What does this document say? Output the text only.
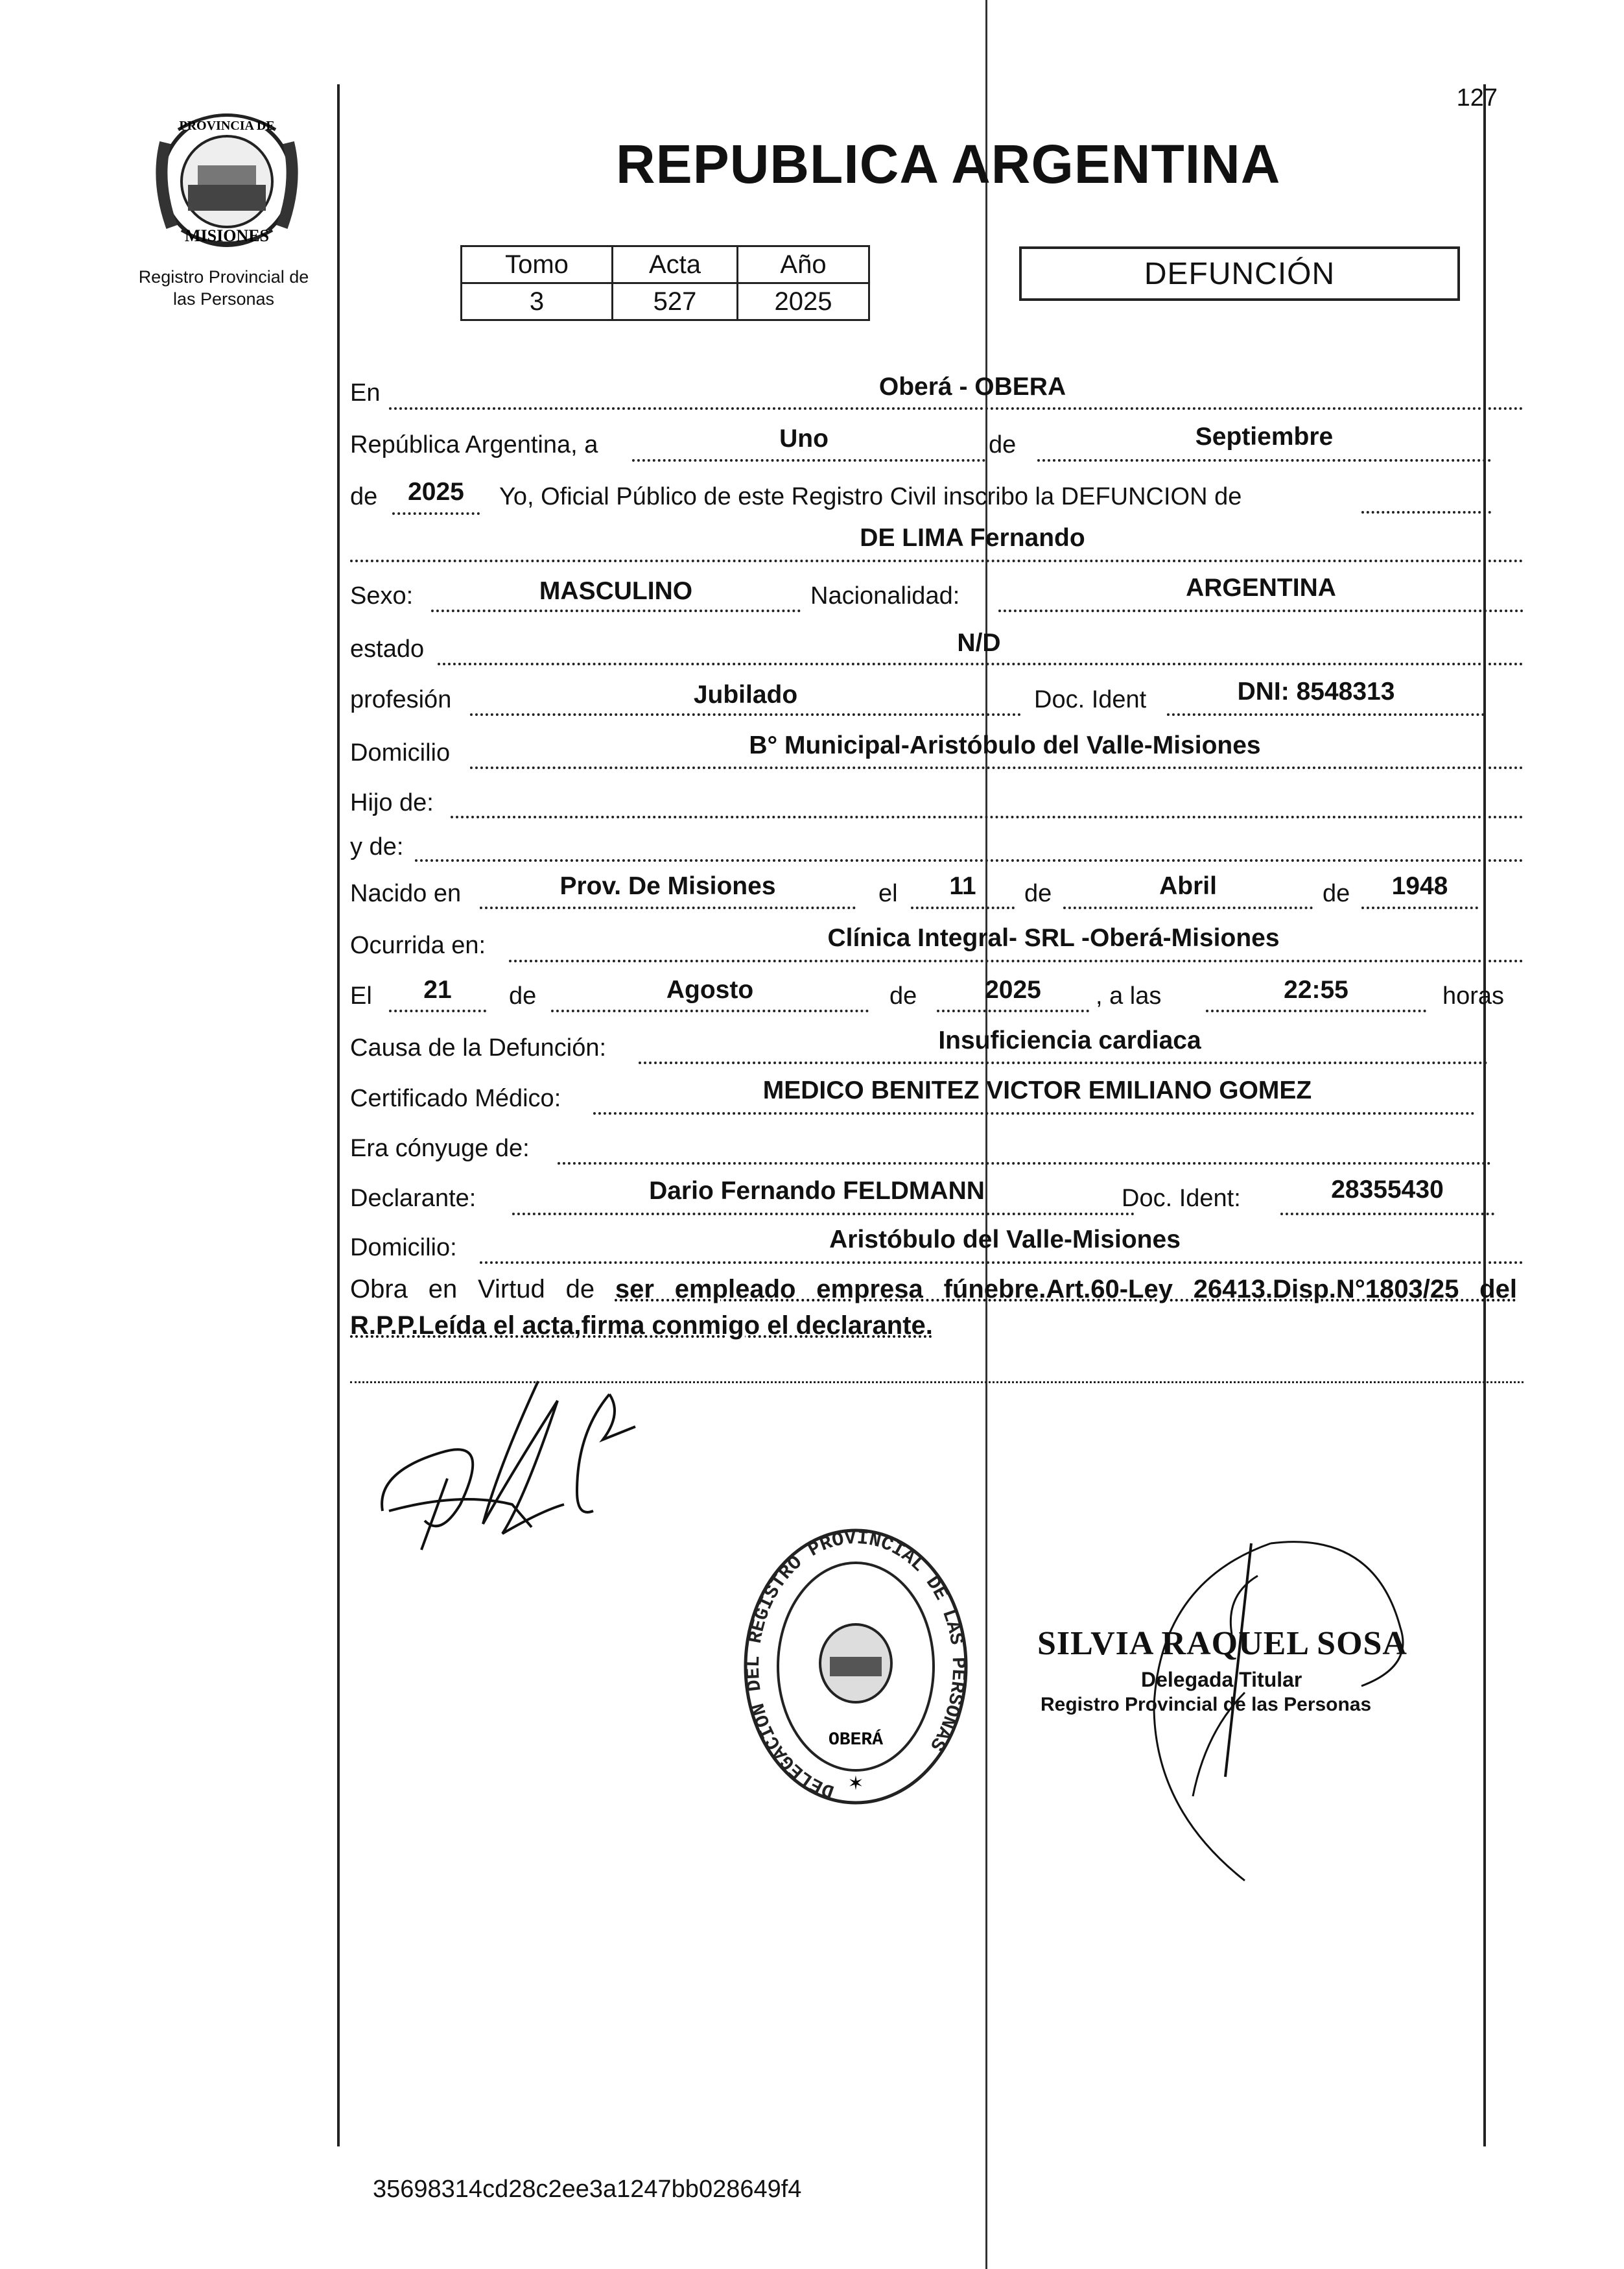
127
PROVINCIA DE
MISIONES
Registro Provincial de
las Personas
REPUBLICA ARGENTINA
Tomo	Acta	Año
3	527	2025
DEFUNCIÓN
En	Oberá - OBERA
República Argentina, a	Uno	de	Septiembre
de	2025	Yo, Oficial Público de este Registro Civil inscribo la DEFUNCION de
DE LIMA Fernando
Sexo:	MASCULINO	Nacionalidad:	ARGENTINA
estado	N/D
profesión	Jubilado	Doc. Ident	DNI: 8548313
Domicilio	B° Municipal-Aristóbulo del Valle-Misiones
Hijo de:
y de:
Nacido en	Prov. De Misiones	el	11	de	Abril	de	1948
Ocurrida en:	Clínica Integral- SRL -Oberá-Misiones
El	21	de	Agosto	de	2025	, a las	22:55	horas
Causa de la Defunción:	Insuficiencia cardiaca
Certificado Médico:	MEDICO BENITEZ VICTOR EMILIANO GOMEZ
Era cónyuge de:
Declarante:	Dario Fernando FELDMANN	Doc. Ident:	28355430
Domicilio:	Aristóbulo del Valle-Misiones
Obra en Virtud de ser empleado empresa fúnebre.Art.60-Ley 26413.Disp.N°1803/25 del R.P.P.Leída el acta,firma conmigo el declarante.
DELEGACION DEL REGISTRO PROVINCIAL DE LAS PERSONAS
OBERÁ
✶
SILVIA RAQUEL SOSA
Delegada Titular
Registro Provincial de las Personas
35698314cd28c2ee3a1247bb028649f4
